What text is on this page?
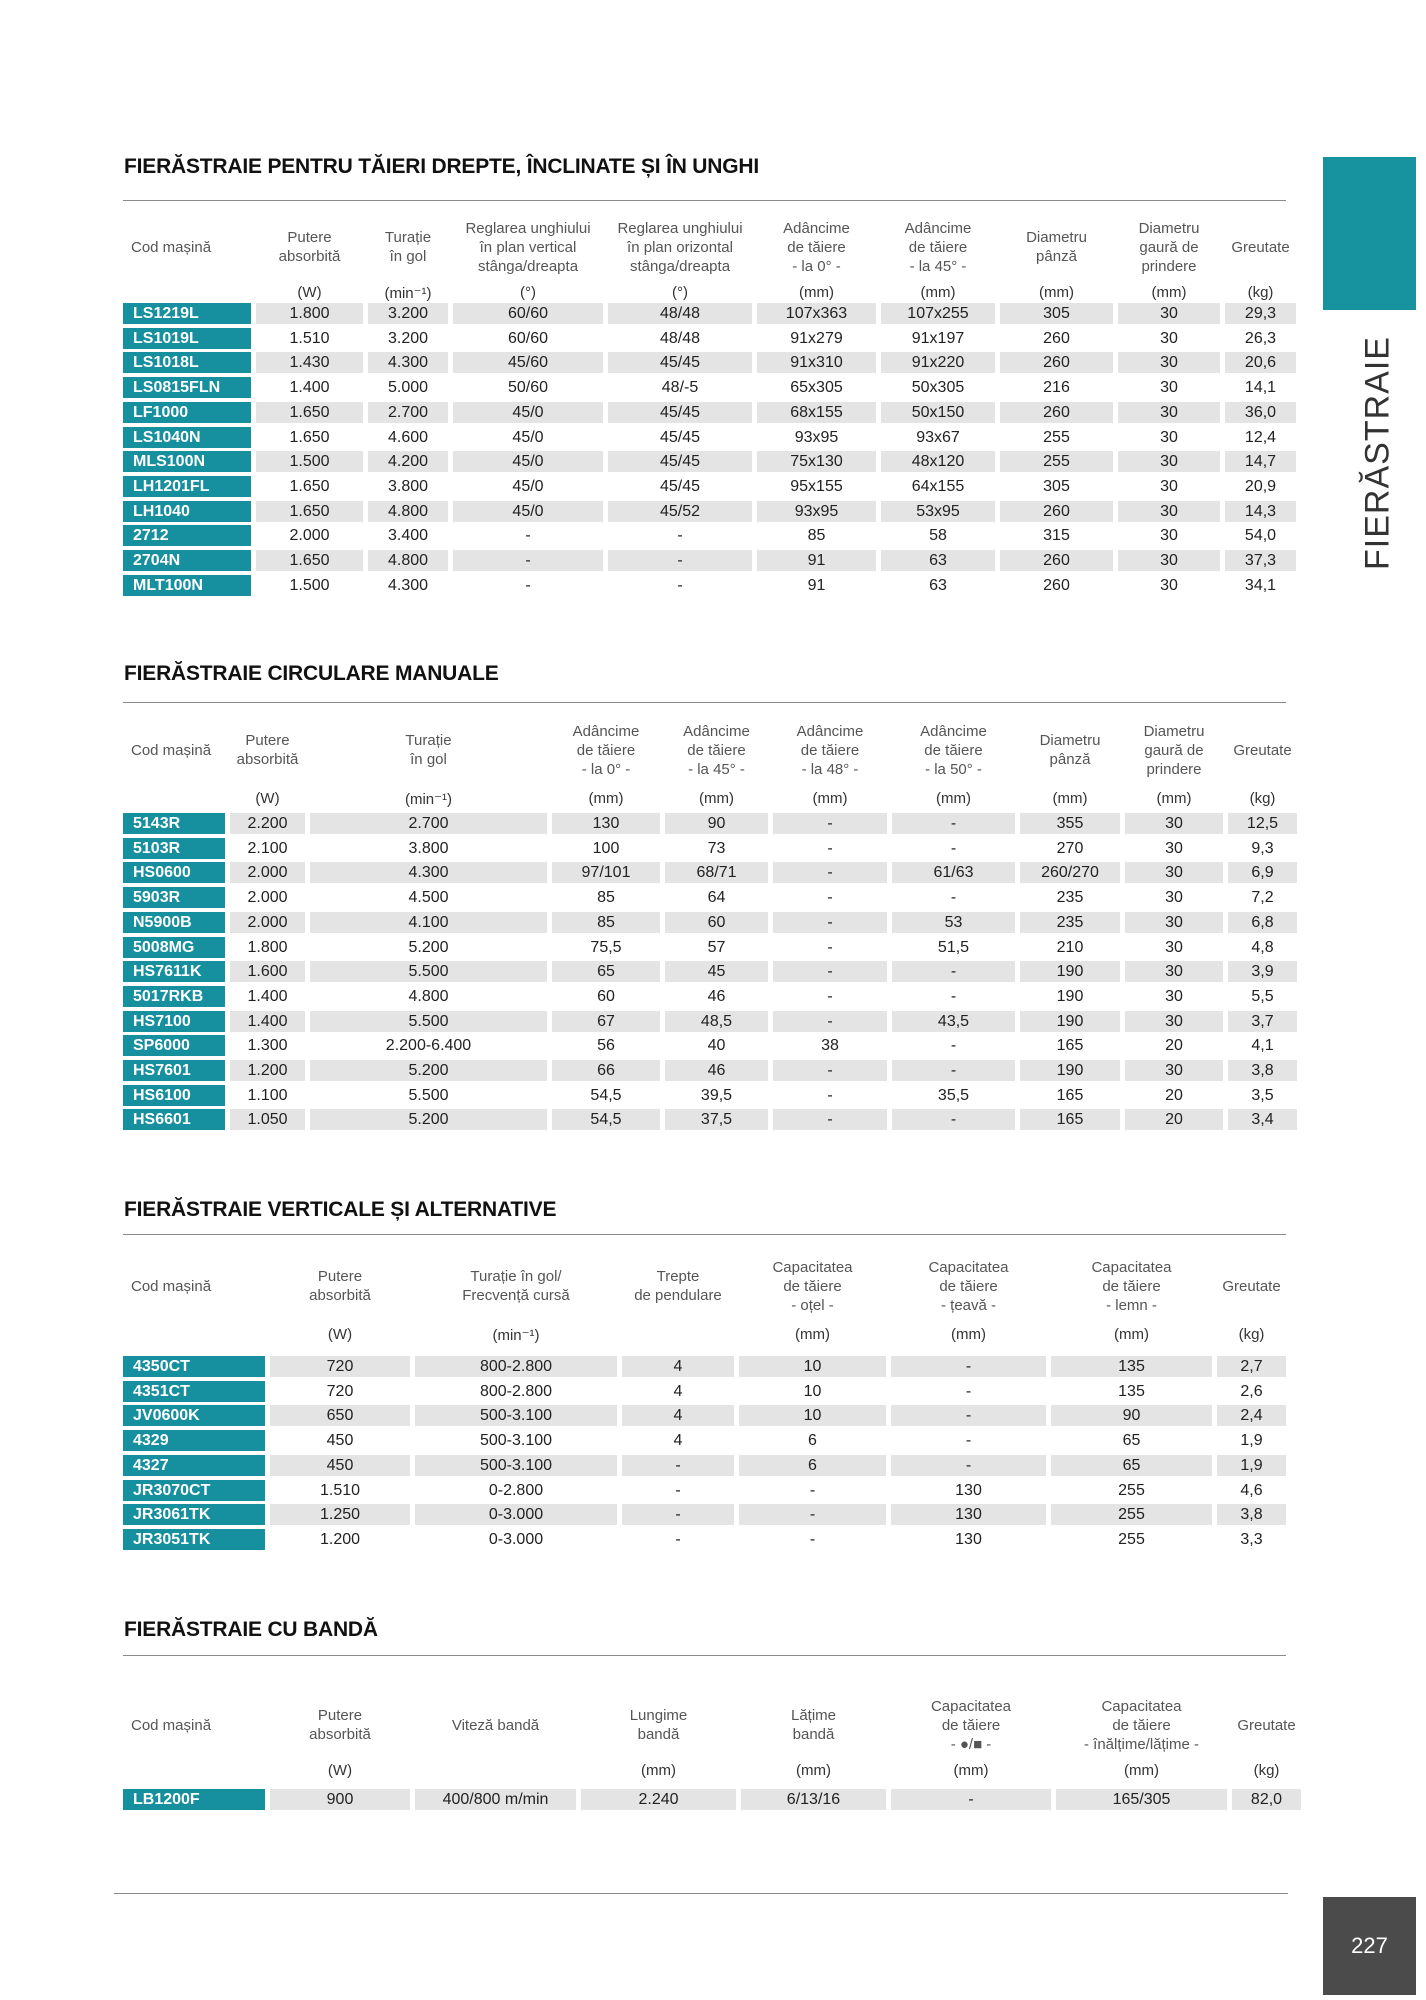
FIERĂSTRAIE PENTRU TĂIERI DREPTE, ÎNCLINATE ȘI ÎN UNGHI
Cod mașină
Putere
absorbită
Turație
în gol
Reglarea unghiului
în plan vertical
stânga/dreapta
Reglarea unghiului
în plan orizontal
stânga/dreapta
Adâncime
de tăiere
- la 0° -
Adâncime
de tăiere
- la 45° -
Diametru
pânză
Diametru
gaură de
prindere
Greutate
(W)	(min⁻¹)	(°)	(°)	(mm)	(mm)	(mm)	(mm)	(kg)
LS1219L	1.800	3.200	60/60	48/48	107x363	107x255	305	30	29,3
LS1019L	1.510	3.200	60/60	48/48	91x279	91x197	260	30	26,3
LS1018L	1.430	4.300	45/60	45/45	91x310	91x220	260	30	20,6
LS0815FLN	1.400	5.000	50/60	48/-5	65x305	50x305	216	30	14,1
LF1000	1.650	2.700	45/0	45/45	68x155	50x150	260	30	36,0
LS1040N	1.650	4.600	45/0	45/45	93x95	93x67	255	30	12,4
MLS100N	1.500	4.200	45/0	45/45	75x130	48x120	255	30	14,7
LH1201FL	1.650	3.800	45/0	45/45	95x155	64x155	305	30	20,9
LH1040	1.650	4.800	45/0	45/52	93x95	53x95	260	30	14,3
2712	2.000	3.400	-	-	85	58	315	30	54,0
2704N	1.650	4.800	-	-	91	63	260	30	37,3
MLT100N	1.500	4.300	-	-	91	63	260	30	34,1
FIERĂSTRAIE CIRCULARE MANUALE
Cod mașină
Putere
absorbită
Turație
în gol
Adâncime
de tăiere
- la 0° -
Adâncime
de tăiere
- la 45° -
Adâncime
de tăiere
- la 48° -
Adâncime
de tăiere
- la 50° -
Diametru
pânză
Diametru
gaură de
prindere
Greutate
(W)	(min⁻¹)	(mm)	(mm)	(mm)	(mm)	(mm)	(mm)	(kg)
5143R	2.200	2.700	130	90	-	-	355	30	12,5
5103R	2.100	3.800	100	73	-	-	270	30	9,3
HS0600	2.000	4.300	97/101	68/71	-	61/63	260/270	30	6,9
5903R	2.000	4.500	85	64	-	-	235	30	7,2
N5900B	2.000	4.100	85	60	-	53	235	30	6,8
5008MG	1.800	5.200	75,5	57	-	51,5	210	30	4,8
HS7611K	1.600	5.500	65	45	-	-	190	30	3,9
5017RKB	1.400	4.800	60	46	-	-	190	30	5,5
HS7100	1.400	5.500	67	48,5	-	43,5	190	30	3,7
SP6000	1.300	2.200-6.400	56	40	38	-	165	20	4,1
HS7601	1.200	5.200	66	46	-	-	190	30	3,8
HS6100	1.100	5.500	54,5	39,5	-	35,5	165	20	3,5
HS6601	1.050	5.200	54,5	37,5	-	-	165	20	3,4
FIERĂSTRAIE VERTICALE ȘI ALTERNATIVE
Cod mașină
Putere
absorbită
Turație în gol/
Frecvență cursă
Trepte
de pendulare
Capacitatea
de tăiere
- oțel -
Capacitatea
de tăiere
- țeavă -
Capacitatea
de tăiere
- lemn -
Greutate
(W)	(min⁻¹)	(mm)	(mm)	(mm)	(kg)
4350CT	720	800-2.800	4	10	-	135	2,7
4351CT	720	800-2.800	4	10	-	135	2,6
JV0600K	650	500-3.100	4	10	-	90	2,4
4329	450	500-3.100	4	6	-	65	1,9
4327	450	500-3.100	-	6	-	65	1,9
JR3070CT	1.510	0-2.800	-	-	130	255	4,6
JR3061TK	1.250	0-3.000	-	-	130	255	3,8
JR3051TK	1.200	0-3.000	-	-	130	255	3,3
FIERĂSTRAIE CU BANDĂ
Cod mașină
Putere
absorbită
Viteză bandă
Lungime
bandă
Lățime
bandă
Capacitatea
de tăiere
- ●/■ -
Capacitatea
de tăiere
- înălțime/lățime -
Greutate
(W)	(mm)	(mm)	(mm)	(mm)	(kg)
LB1200F	900	400/800 m/min	2.240	6/13/16	-	165/305	82,0
FIERĂSTRAIE
227
